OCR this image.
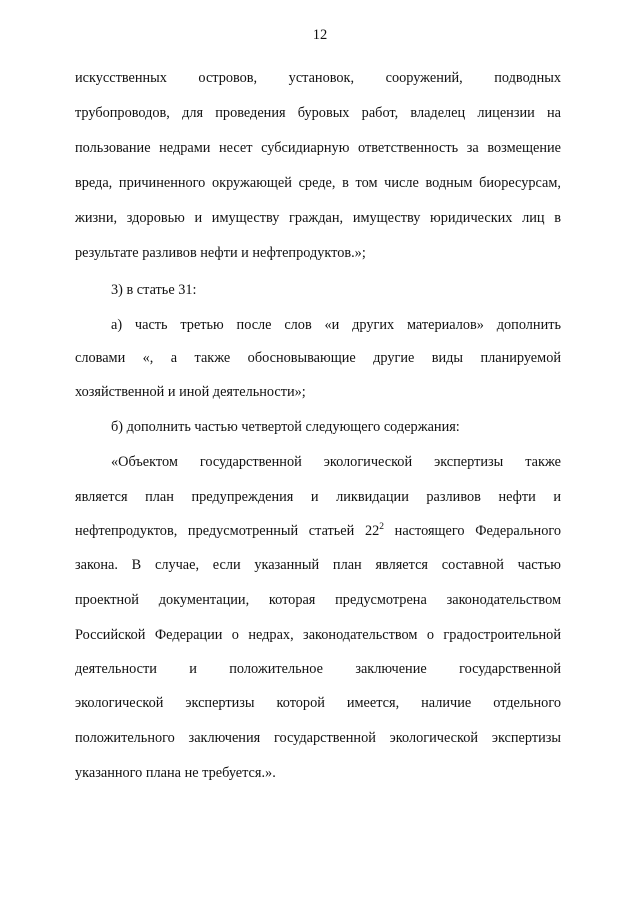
12
искусственных островов, установок, сооружений, подводных
трубопроводов, для проведения буровых работ, владелец лицензии на
пользование недрами несет субсидиарную ответственность за возмещение
вреда, причиненного окружающей среде, в том числе водным биоресурсам,
жизни, здоровью и имуществу граждан, имуществу юридических лиц в
результате разливов нефти и нефтепродуктов.»;
3) в статье 31:
а) часть третью после слов «и других материалов» дополнить
словами «, а также обосновывающие другие виды планируемой
хозяйственной и иной деятельности»;
б) дополнить частью четвертой следующего содержания:
«Объектом государственной экологической экспертизы также
является план предупреждения и ликвидации разливов нефти и
нефтепродуктов, предусмотренный статьей $22^2$ настоящего Федерального
закона. В случае, если указанный план является составной частью
проектной документации, которая предусмотрена законодательством
Российской Федерации о недрах, законодательством о градостроительной
деятельности и положительное заключение государственной
экологической экспертизы которой имеется, наличие отдельного
положительного заключения государственной экологической экспертизы
указанного плана не требуется.».
